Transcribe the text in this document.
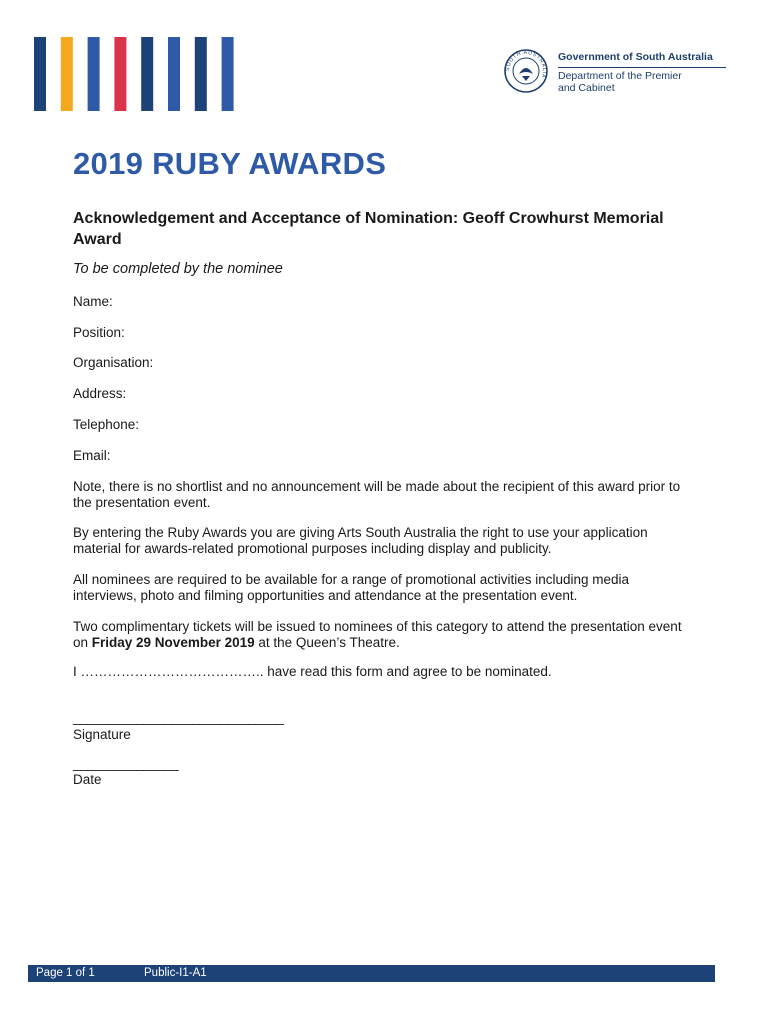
SOUTH AUSTRALIA
Government of South Australia
Department of the Premier
and Cabinet
2019 RUBY AWARDS

Acknowledgement and Acceptance of Nomination: Geoff Crowhurst Memorial Award

To be completed by the nominee
Name:
Position:
Organisation:
Address:
Telephone:
Email:

Note, there is no shortlist and no announcement will be made about the recipient of this award prior to the presentation event.

By entering the Ruby Awards you are giving Arts South Australia the right to use your application material for awards-related promotional purposes including display and publicity.

All nominees are required to be available for a range of promotional activities including media interviews, photo and filming opportunities and attendance at the presentation event.

Two complimentary tickets will be issued to nominees of this category to attend the presentation event on Friday 29 November 2019 at the Queen’s Theatre.

I ………………………………….. have read this form and agree to be nominated.
______________________________
Signature
_______________
Date
Page 1 of 1	Public-I1-A1
